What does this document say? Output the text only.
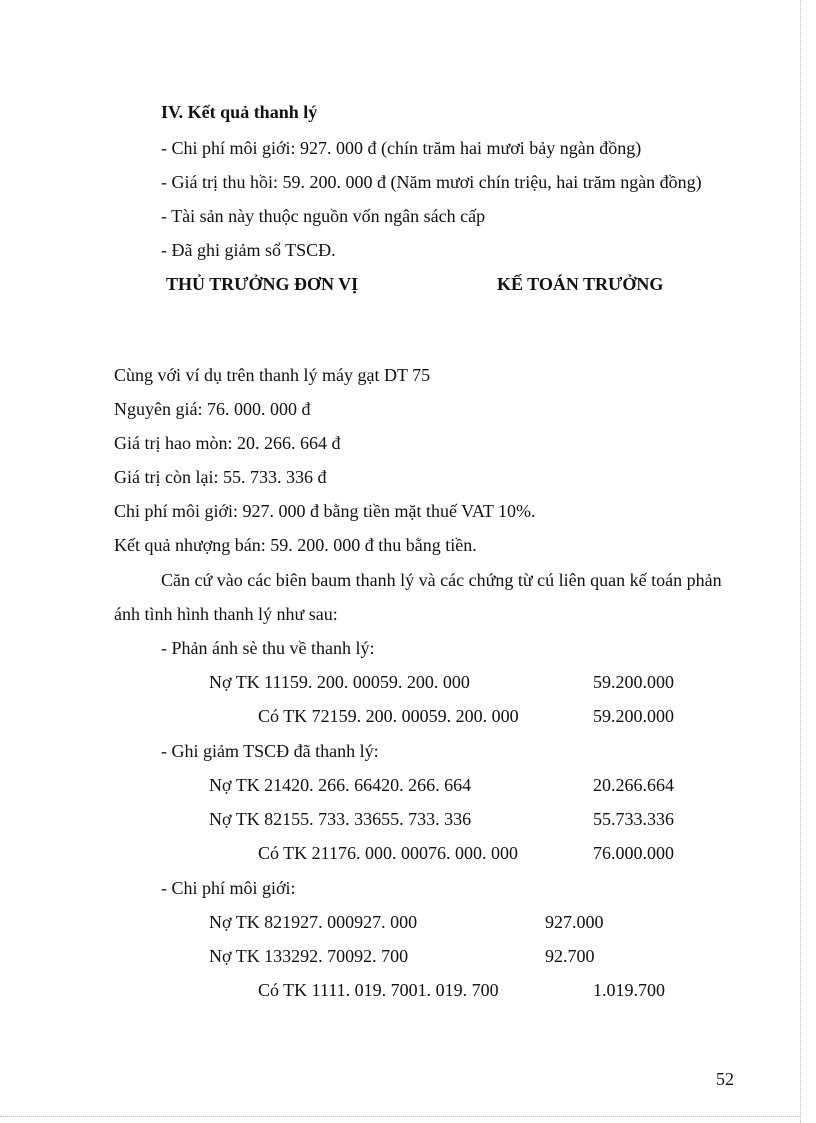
IV. Kết quả thanh lý
- Chi phí môi giới: 927. 000 đ (chín trăm hai mươi bảy ngàn đồng)
- Giá trị thu hồi: 59. 200. 000 đ (Năm mươi chín triệu, hai trăm ngàn đồng)
- Tài sản này thuộc nguồn vốn ngân sách cấp
- Đã ghi giảm sổ TSCĐ.
THỦ TRƯỞNG ĐƠN VỊ	KẾ TOÁN TRƯỞNG
Cùng với ví dụ trên thanh lý máy gạt DT 75
Nguyên giá: 76. 000. 000 đ
Giá trị hao mòn: 20. 266. 664 đ
Giá trị còn lại: 55. 733. 336 đ
Chi phí môi giới: 927. 000 đ bằng tiền mặt thuế VAT 10%.
Kết quả nhượng bán: 59. 200. 000 đ thu bằng tiền.
Căn cứ vào các biên baum thanh lý và các chứng từ cú liên quan kế toán phản
ánh tình hình thanh lý như sau:
- Phản ánh sè thu về thanh lý:
Nợ TK 11159. 200. 00059. 200. 000	59.200.000
Có TK 72159. 200. 00059. 200. 000	59.200.000
- Ghi giảm TSCĐ đã thanh lý:
Nợ TK 21420. 266. 66420. 266. 664	20.266.664
Nợ TK 82155. 733. 33655. 733. 336	55.733.336
Có TK 21176. 000. 00076. 000. 000	76.000.000
- Chi phí môi giới:
Nợ TK 821927. 000927. 000	927.000
Nợ TK 133292. 70092. 700	92.700
Có TK 1111. 019. 7001. 019. 700	1.019.700
52
